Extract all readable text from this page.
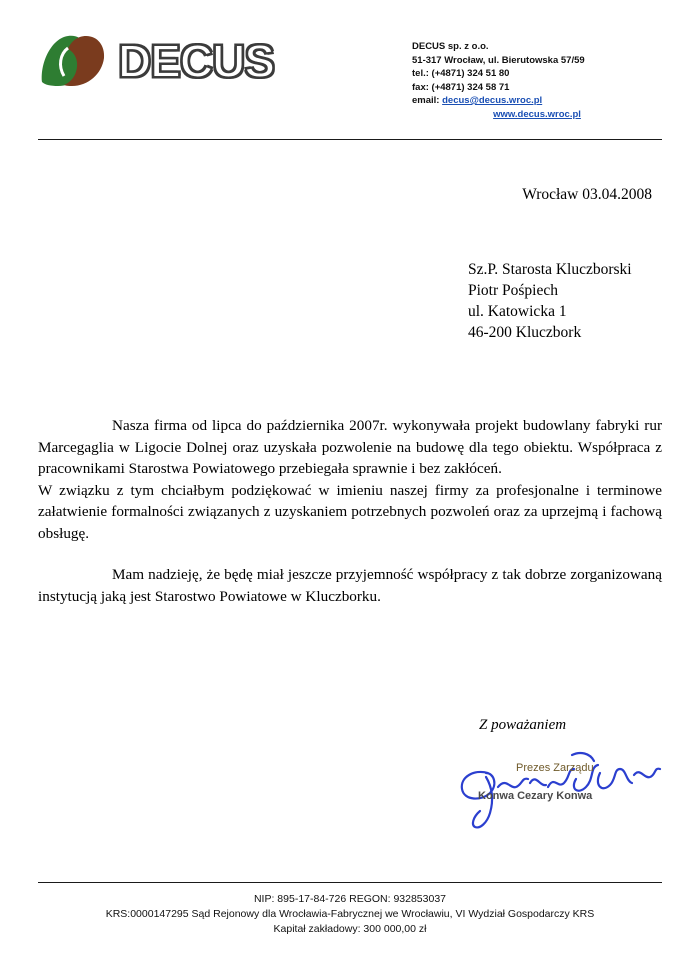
DECUS	DECUS sp. z o.o.
51-317 Wrocław, ul. Bierutowska 57/59
tel.: (+4871) 324 51 80
fax: (+4871) 324 58 71
email: decus@decus.wroc.pl
www.decus.wroc.pl
Wrocław 03.04.2008
Sz.P. Starosta Kluczborski
Piotr Pośpiech
ul. Katowicka 1
46-200 Kluczbork

Nasza firma od lipca do października 2007r. wykonywała projekt budowlany fabryki rur Marcegaglia w Ligocie Dolnej oraz uzyskała pozwolenie na budowę dla tego obiektu. Współpraca z pracownikami Starostwa Powiatowego przebiegała sprawnie i bez zakłóceń.

W związku z tym chciałbym podziękować w imieniu naszej firmy za profesjonalne i terminowe załatwienie formalności związanych z uzyskaniem potrzebnych pozwoleń oraz za uprzejmą i fachową obsługę.

Mam nadzieję, że będę miał jeszcze przyjemność współpracy z tak dobrze zorganizowaną instytucją jaką jest Starostwo Powiatowe w Kluczborku.

Z poważaniem
Prezes Zarządu
Konwa Cezary Konwa
NIP: 895-17-84-726 REGON: 932853037
KRS:0000147295 Sąd Rejonowy dla Wrocławia-Fabrycznej we Wrocławiu, VI Wydział Gospodarczy KRS
Kapitał zakładowy: 300 000,00 zł
